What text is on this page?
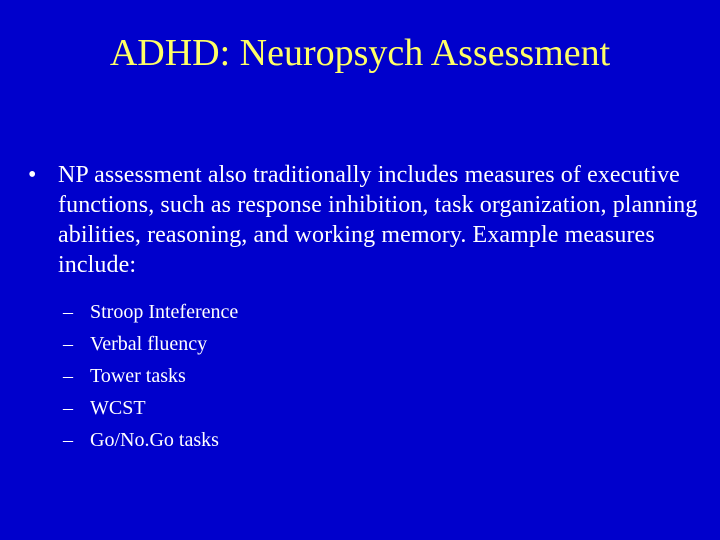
ADHD: Neuropsych Assessment
• NP assessment also traditionally includes measures of executive functions, such as response inhibition, task organization, planning abilities, reasoning, and working memory. Example measures include:
– Stroop Inteference
– Verbal fluency
– Tower tasks
– WCST
– Go/No.Go tasks
